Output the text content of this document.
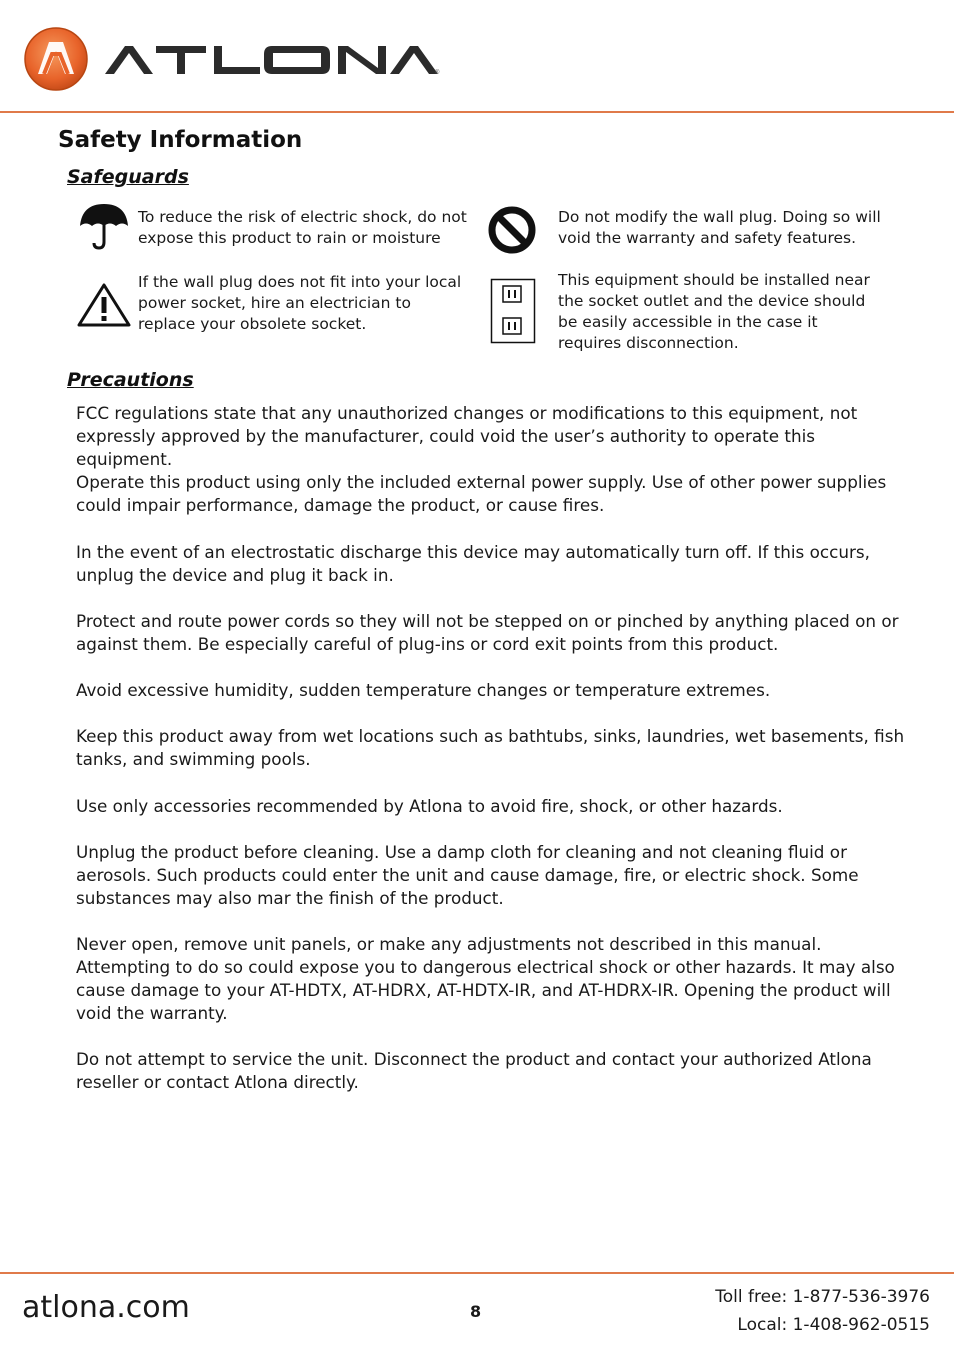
®
Safety Information
Safeguards
To reduce the risk of electric shock, do not expose this product to rain or moisture
Do not modify the wall plug. Doing so will void the warranty and safety features.
If the wall plug does not fit into your local power socket, hire an electrician to replace your obsolete socket.
This equipment should be installed near the socket outlet and the device should be easily accessible in the case it requires disconnection.
Precautions

FCC regulations state that any unauthorized changes or modifications to this equipment, not expressly approved by the manufacturer, could void the user’s authority to operate this equipment.

Operate this product using only the included external power supply. Use of other power supplies could impair performance, damage the product, or cause fires.

In the event of an electrostatic discharge this device may automatically turn off. If this occurs, unplug the device and plug it back in.

Protect and route power cords so they will not be stepped on or pinched by anything placed on or against them. Be especially careful of plug-ins or cord exit points from this product.

Avoid excessive humidity, sudden temperature changes or temperature extremes.

Keep this product away from wet locations such as bathtubs, sinks, laundries, wet basements, fish tanks, and swimming pools.

Use only accessories recommended by Atlona to avoid fire, shock, or other hazards.

Unplug the product before cleaning. Use a damp cloth for cleaning and not cleaning fluid or aerosols. Such products could enter the unit and cause damage, fire, or electric shock. Some substances may also mar the finish of the product.

Never open, remove unit panels, or make any adjustments not described in this manual. Attempting to do so could expose you to dangerous electrical shock or other hazards. It may also cause damage to your AT-HDTX, AT-HDRX, AT-HDTX-IR, and AT-HDRX-IR. Opening the product will void the warranty.

Do not attempt to service the unit. Disconnect the product and contact your authorized Atlona reseller or contact Atlona directly.

atlona.com	8
Toll free: 1-877-536-3976
Local: 1-408-962-0515
